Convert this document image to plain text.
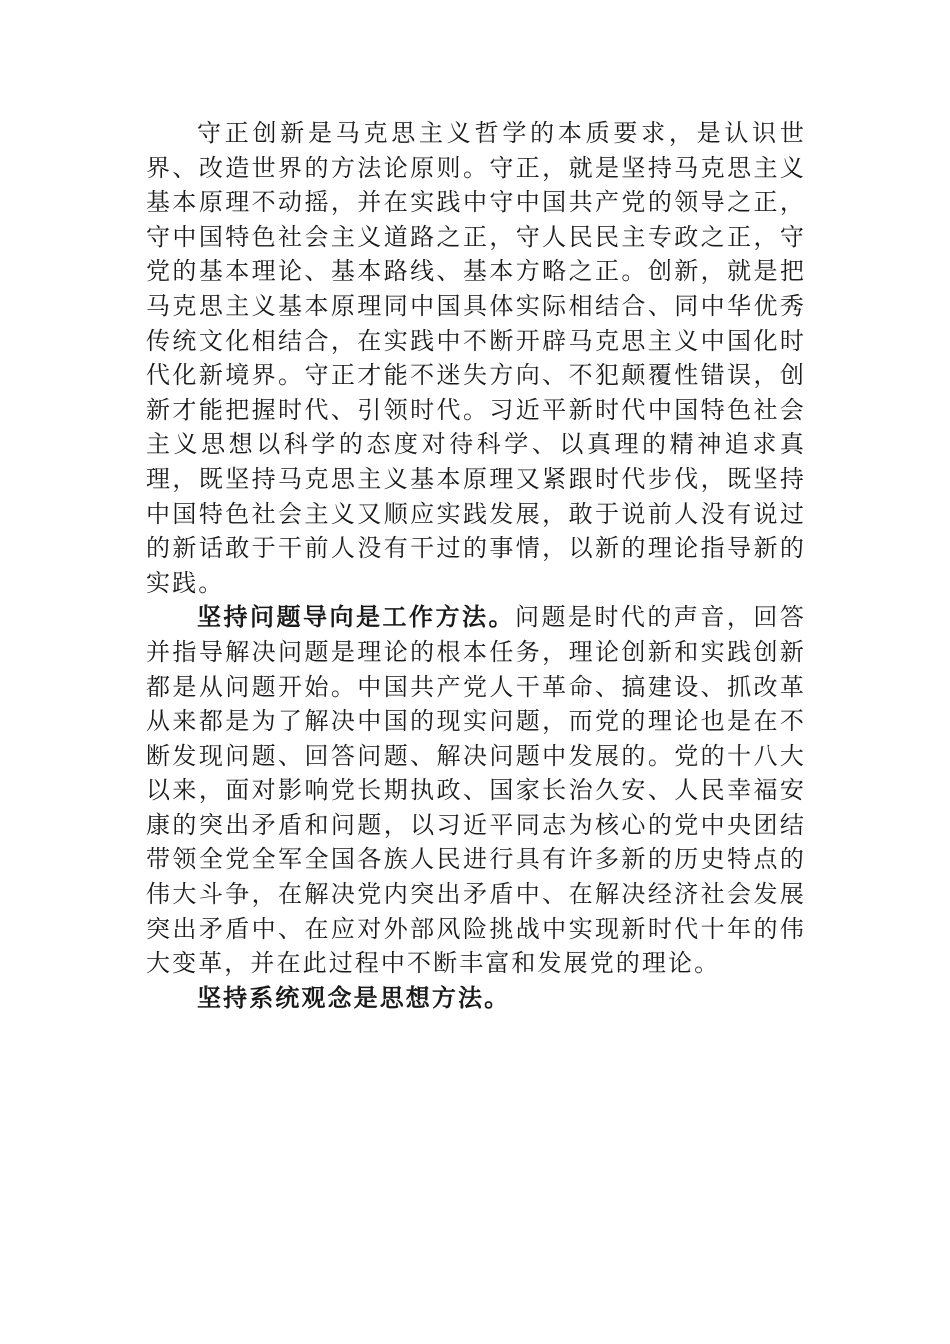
守正创新是马克思主义哲学的本质要求，是认识世界、改造世界的方法论原则。守正，就是坚持马克思主义基本原理不动摇，并在实践中守中国共产党的领导之正，守中国特色社会主义道路之正，守人民民主专政之正，守党的基本理论、基本路线、基本方略之正。创新，就是把马克思主义基本原理同中国具体实际相结合、同中华优秀传统文化相结合，在实践中不断开辟马克思主义中国化时代化新境界。守正才能不迷失方向、不犯颠覆性错误，创新才能把握时代、引领时代。习近平新时代中国特色社会主义思想以科学的态度对待科学、以真理的精神追求真理，既坚持马克思主义基本原理又紧跟时代步伐，既坚持中国特色社会主义又顺应实践发展，敢于说前人没有说过的新话敢于干前人没有干过的事情，以新的理论指导新的实践。

坚持问题导向是工作方法。问题是时代的声音，回答并指导解决问题是理论的根本任务，理论创新和实践创新都是从问题开始。中国共产党人干革命、搞建设、抓改革从来都是为了解决中国的现实问题，而党的理论也是在不断发现问题、回答问题、解决问题中发展的。党的十八大以来，面对影响党长期执政、国家长治久安、人民幸福安康的突出矛盾和问题，以习近平同志为核心的党中央团结带领全党全军全国各族人民进行具有许多新的历史特点的伟大斗争，在解决党内突出矛盾中、在解决经济社会发展突出矛盾中、在应对外部风险挑战中实现新时代十年的伟大变革，并在此过程中不断丰富和发展党的理论。

坚持系统观念是思想方法。
